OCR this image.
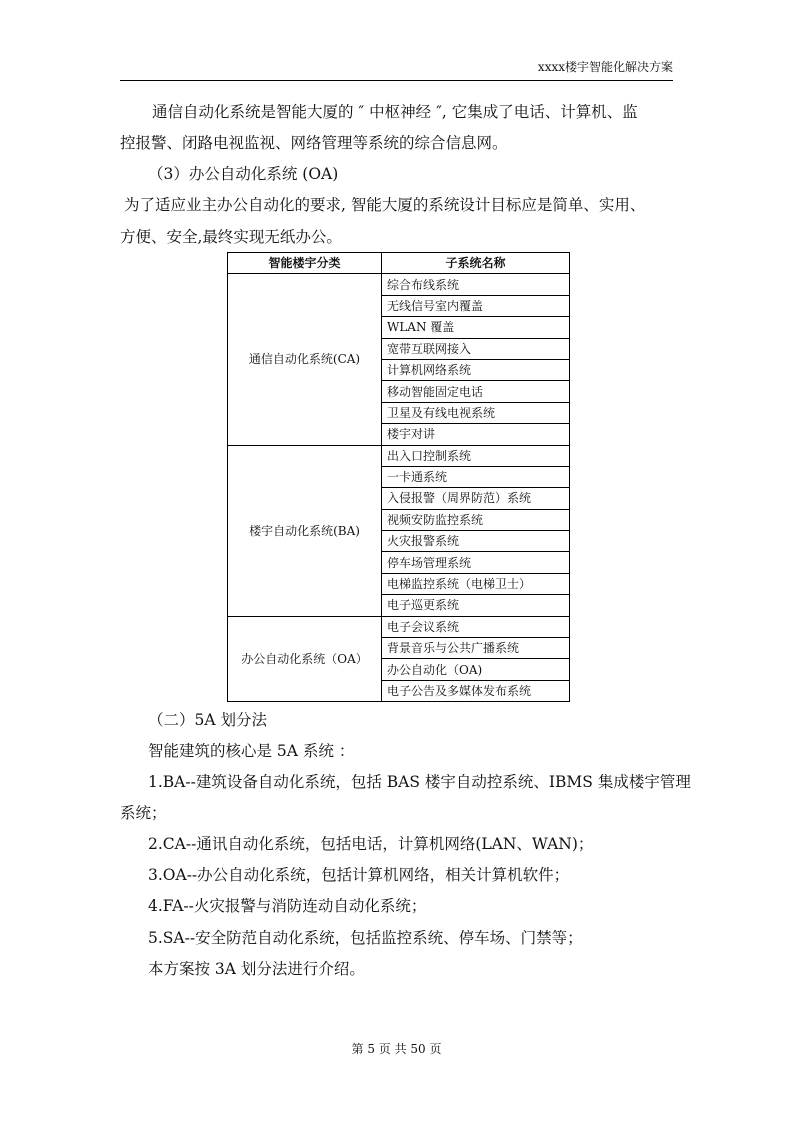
xxxx楼宇智能化解决方案
通信自动化系统是智能大厦的 ″ 中枢神经 ″, 它集成了电话、计算机、监
控报警、闭路电视监视、网络管理等系统的综合信息网。
（3）办公自动化系统 (OA)
为了适应业主办公自动化的要求, 智能大厦的系统设计目标应是简单、实用、
方便、安全,最终实现无纸办公。
智能楼宇分类	子系统名称
通信自动化系统(CA)	综合布线系统
	无线信号室内覆盖
	WLAN 覆盖
	宽带互联网接入
	计算机网络系统
	移动智能固定电话
	卫星及有线电视系统
	楼宇对讲
楼宇自动化系统(BA)	出入口控制系统
	一卡通系统
	入侵报警（周界防范）系统
	视频安防监控系统
	火灾报警系统
	停车场管理系统
	电梯监控系统（电梯卫士）
	电子巡更系统
办公自动化系统（OA）	电子会议系统
	背景音乐与公共广播系统
	办公自动化（OA)
	电子公告及多媒体发布系统
（二）5A 划分法
智能建筑的核心是 5A 系统 ：
1.BA--建筑设备自动化系统，包括 BAS 楼宇自动控系统、IBMS 集成楼宇管理
系统；
2.CA--通讯自动化系统，包括电话，计算机网络(LAN、WAN)；
3.OA--办公自动化系统，包括计算机网络，相关计算机软件；
4.FA--火灾报警与消防连动自动化系统；
5.SA--安全防范自动化系统，包括监控系统、停车场、门禁等；
本方案按 3A 划分法进行介绍。
第 5 页 共 50 页
